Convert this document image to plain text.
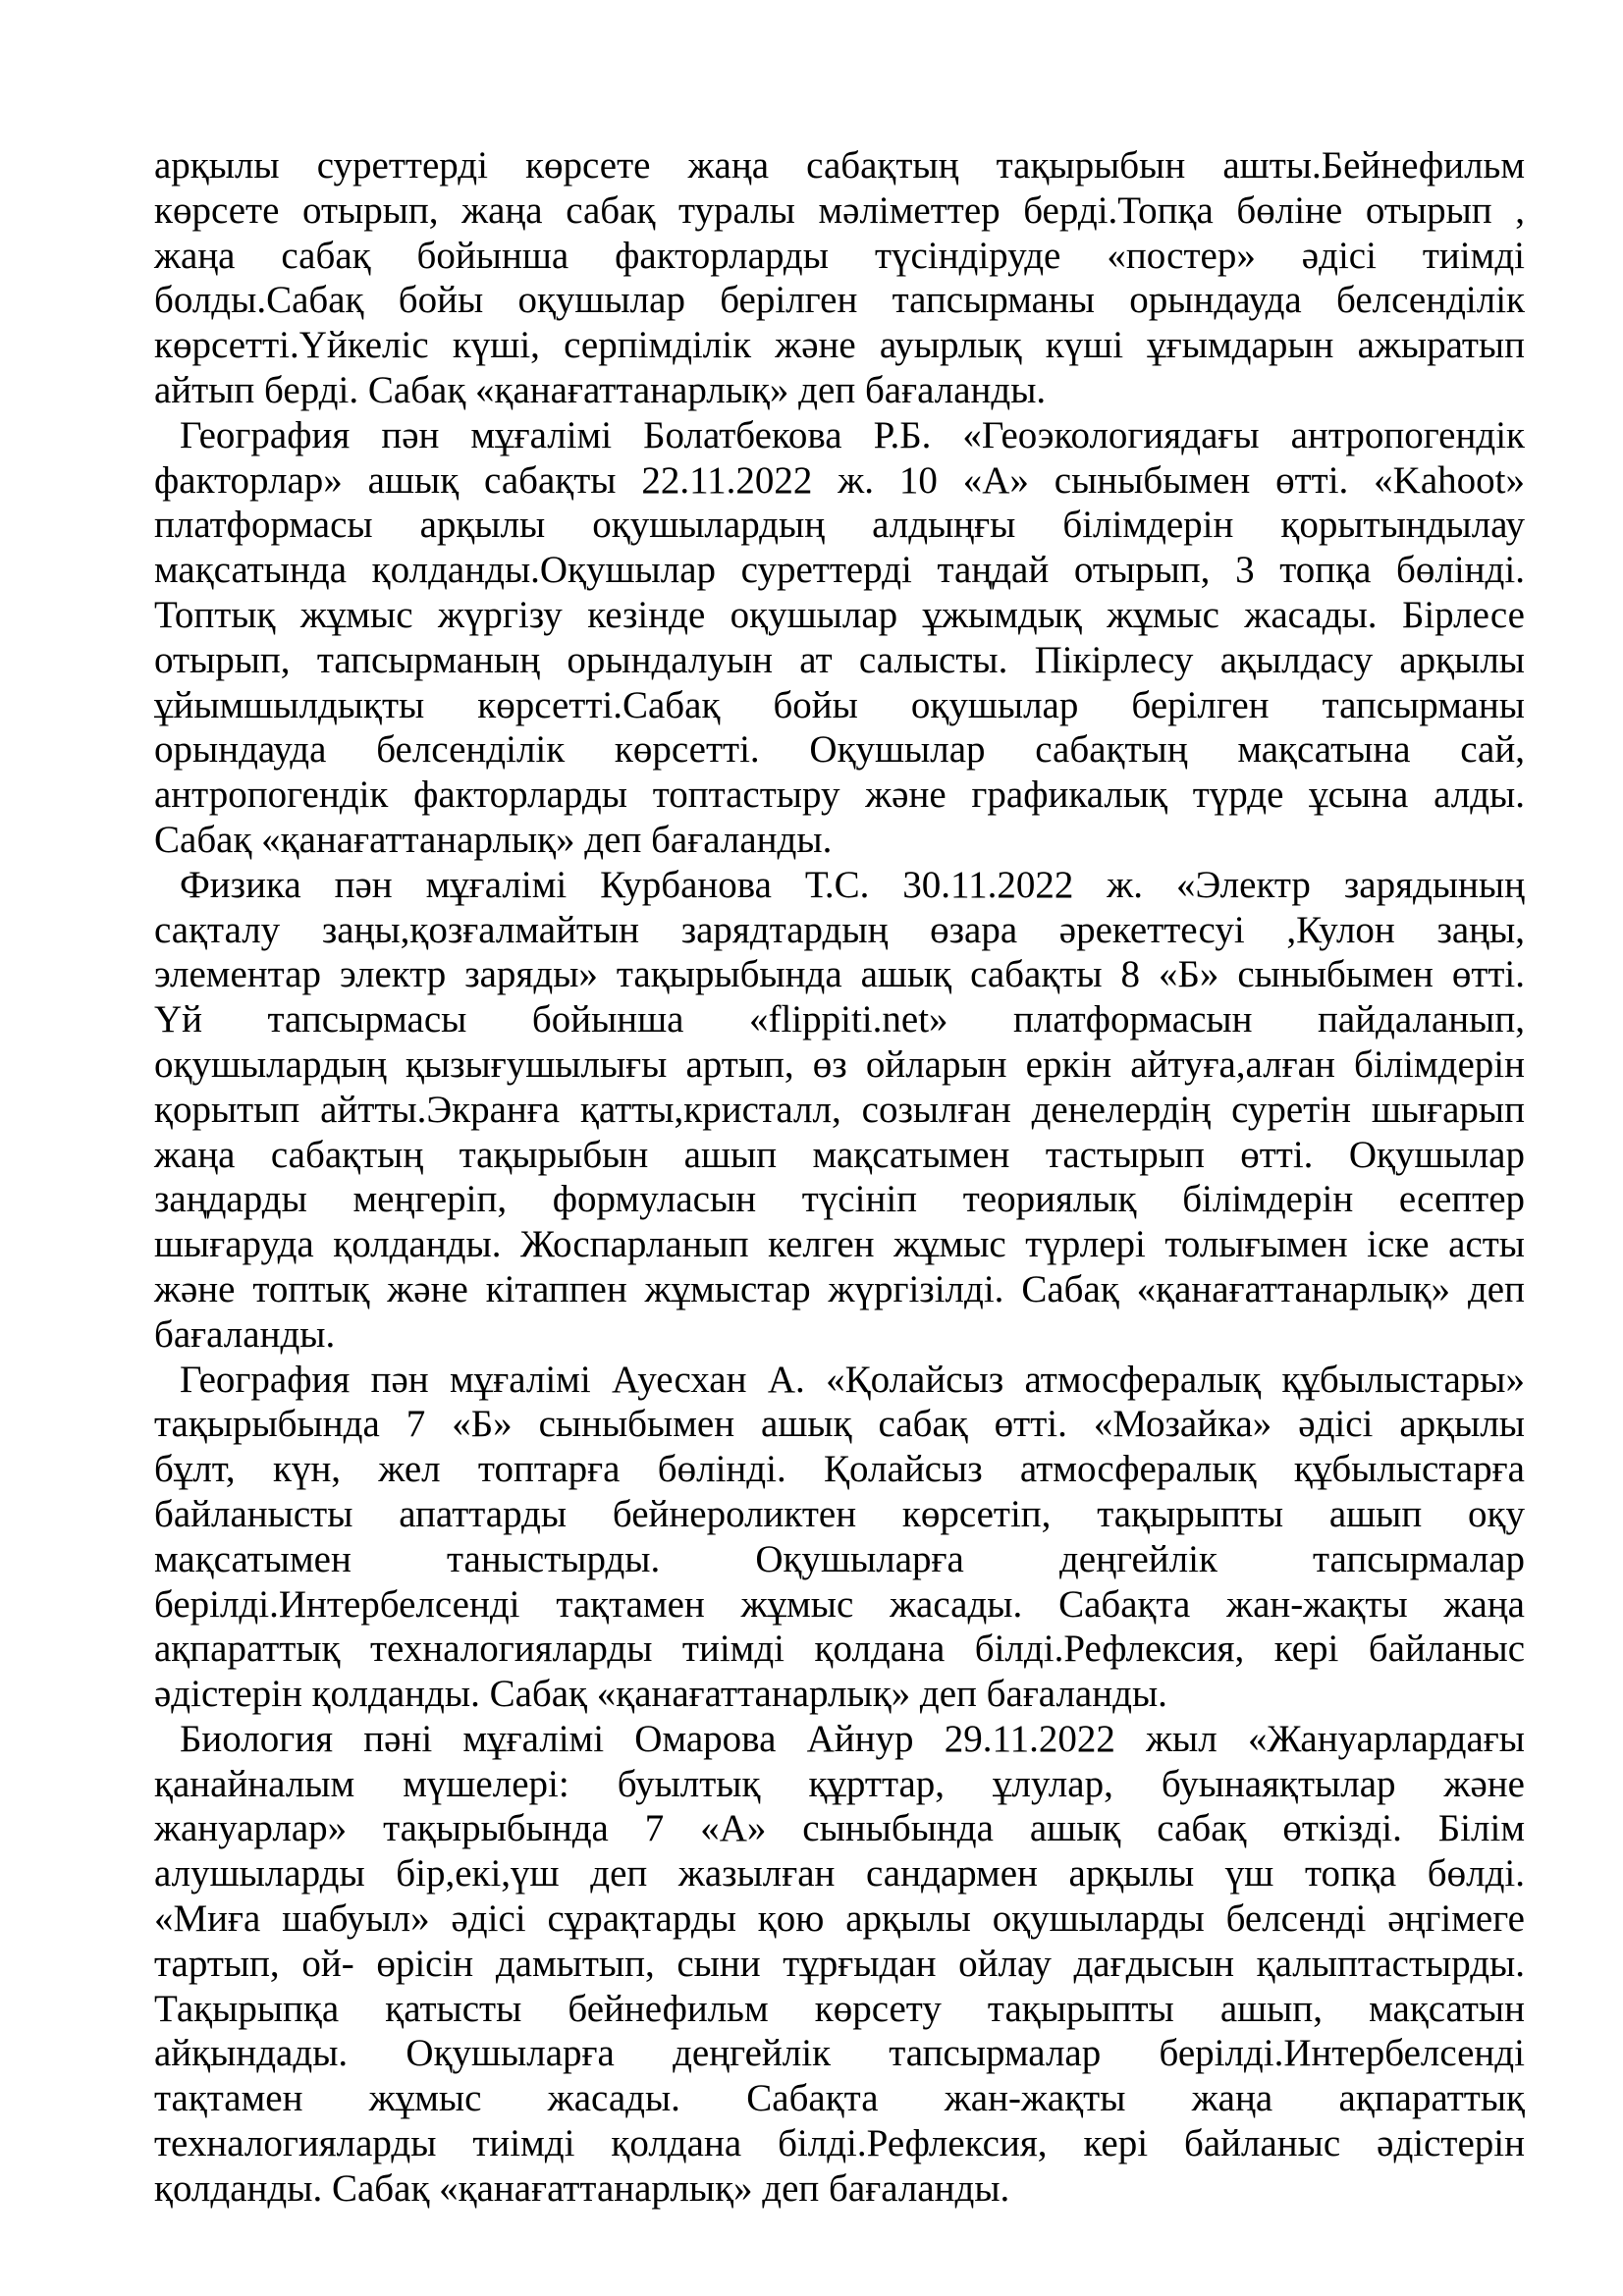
арқылы суреттерді көрсете жаңа сабақтың тақырыбын ашты.Бейнефильм
көрсете отырып, жаңа сабақ туралы мәліметтер берді.Топқа бөліне отырып ,
жаңа сабақ бойынша факторларды түсіндіруде «постер» әдісі тиімді
болды.Сабақ бойы оқушылар берілген тапсырманы орындауда белсенділік
көрсетті.Үйкеліс күші, серпімділік және ауырлық күші ұғымдарын ажыратып
айтып берді. Сабақ «қанағаттанарлық» деп бағаланды.
География пән мұғалімі Болатбекова Р.Б. «Геоэкологиядағы антропогендік
факторлар» ашық сабақты 22.11.2022 ж. 10 «А» сыныбымен өтті. «Kahoot»
платформасы арқылы оқушылардың алдыңғы білімдерін қорытындылау
мақсатында қолданды.Оқушылар суреттерді таңдай отырып, 3 топқа бөлінді.
Топтық жұмыс жүргізу кезінде оқушылар ұжымдық жұмыс жасады. Бірлесе
отырып, тапсырманың орындалуын ат салысты. Пікірлесу ақылдасу арқылы
ұйымшылдықты көрсетті.Сабақ бойы оқушылар берілген тапсырманы
орындауда белсенділік көрсетті. Оқушылар сабақтың мақсатына сай,
антропогендік факторларды топтастыру және графикалық түрде ұсына алды.
Сабақ «қанағаттанарлық» деп бағаланды.
Физика пән мұғалімі Курбанова Т.С. 30.11.2022 ж. «Электр зарядының
сақталу заңы,қозғалмайтын зарядтардың өзара әрекеттесуі ,Кулон заңы,
элементар электр заряды» тақырыбында ашық сабақты 8 «Б» сыныбымен өтті.
Үй тапсырмасы бойынша «flippiti.net» платформасын пайдаланып,
оқушылардың қызығушылығы артып, өз ойларын еркін айтуға,алған білімдерін
қорытып айтты.Экранға қатты,кристалл, созылған денелердің суретін шығарып
жаңа сабақтың тақырыбын ашып мақсатымен тастырып өтті. Оқушылар
заңдарды меңгеріп, формуласын түсініп теориялық білімдерін есептер
шығаруда қолданды. Жоспарланып келген жұмыс түрлері толығымен іске асты
және топтық және кітаппен жұмыстар жүргізілді. Сабақ «қанағаттанарлық» деп
бағаланды.
География пән мұғалімі Ауесхан А. «Қолайсыз атмосфералық құбылыстары»
тақырыбында 7 «Б» сыныбымен ашық сабақ өтті. «Мозайка» әдісі арқылы
бұлт, күн, жел топтарға бөлінді. Қолайсыз атмосфералық құбылыстарға
байланысты апаттарды бейнероликтен көрсетіп, тақырыпты ашып оқу
мақсатымен таныстырды. Оқушыларға деңгейлік тапсырмалар
берілді.Интербелсенді тақтамен жұмыс жасады. Сабақта жан-жақты жаңа
ақпараттық техналогияларды тиімді қолдана білді.Рефлексия, кері байланыс
әдістерін қолданды. Сабақ «қанағаттанарлық» деп бағаланды.
Биология пәні мұғалімі Омарова Айнур 29.11.2022 жыл «Жануарлардағы
қанайналым мүшелері: буылтық құрттар, ұлулар, буынаяқтылар және
жануарлар» тақырыбында 7 «А» сыныбында ашық сабақ өткізді. Білім
алушыларды бір,екі,үш деп жазылған сандармен арқылы үш топқа бөлді.
«Миға шабуыл» әдісі сұрақтарды қою арқылы оқушыларды белсенді әңгімеге
тартып, ой- өрісін дамытып, сыни тұрғыдан ойлау дағдысын қалыптастырды.
Тақырыпқа қатысты бейнефильм көрсету тақырыпты ашып, мақсатын
айқындады. Оқушыларға деңгейлік тапсырмалар берілді.Интербелсенді
тақтамен жұмыс жасады. Сабақта жан-жақты жаңа ақпараттық
техналогияларды тиімді қолдана білді.Рефлексия, кері байланыс әдістерін
қолданды. Сабақ «қанағаттанарлық» деп бағаланды.
